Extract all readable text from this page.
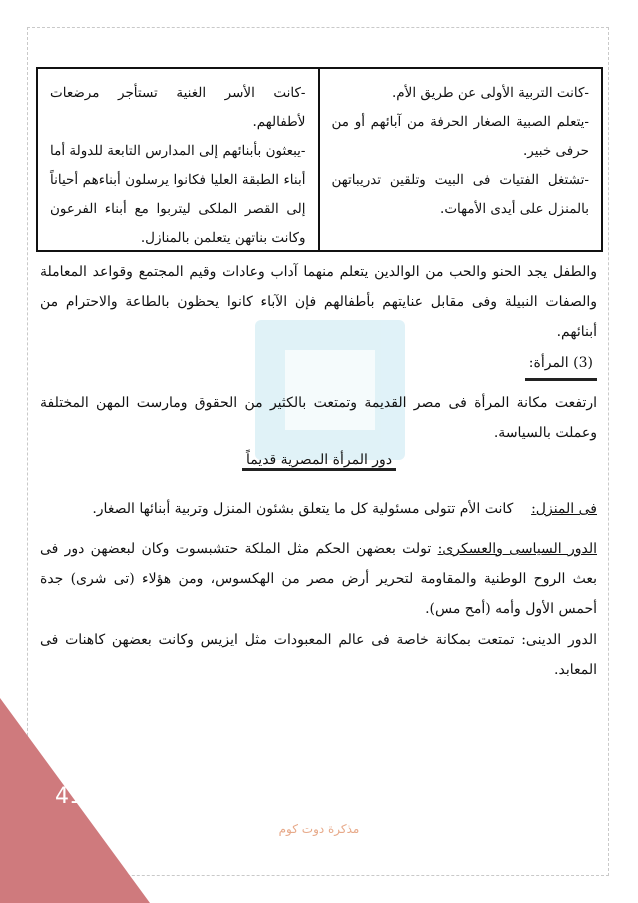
-كانت التربية الأولى عن طريق الأم.

-يتعلم الصبية الصغار الحرفة من آبائهم أو من حرفى خبير.

-تشتغل الفتيات فى البيت وتلقين تدريباتهن بالمنزل على أيدى الأمهات.

-كانت الأسر الغنية تستأجر مرضعات لأطفالهم.

-يبعثون بأبنائهم إلى المدارس التابعة للدولة أما أبناء الطبقة العليا فكانوا يرسلون أبناءهم أحياناً إلى القصر الملكى ليتربوا مع أبناء الفرعون وكانت بناتهن يتعلمن بالمنازل.

والطفل يجد الحنو والحب من الوالدين يتعلم منهما آداب وعادات وقيم المجتمع وقواعد المعاملة والصفات النبيلة وفى مقابل عنايتهم بأطفالهم فإن الآباء كانوا يحظون بالطاعة والاحترام من أبنائهم.

(3) المرأة:

ارتفعت مكانة المرأة فى مصر القديمة وتمتعت بالكثير من الحقوق ومارست المهن المختلفة وعملت بالسياسة.

دور المرأة المصرية قديماً

فى المنزل:    كانت الأم تتولى مسئولية كل ما يتعلق بشئون المنزل وتربية أبنائها الصغار.

الدور السياسى والعسكرى: تولت بعضهن الحكم مثل الملكة حتشبسوت وكان لبعضهن دور فى بعث الروح الوطنية والمقاومة لتحرير أرض مصر من الهكسوس، ومن هؤلاء (تى شرى) جدة أحمس الأول وأمه (أمح مس).

الدور الدينى: تمتعت بمكانة خاصة فى عالم المعبودات مثل ايزيس وكانت بعضهن كاهنات فى المعابد.

41
مذكرة دوت كوم
